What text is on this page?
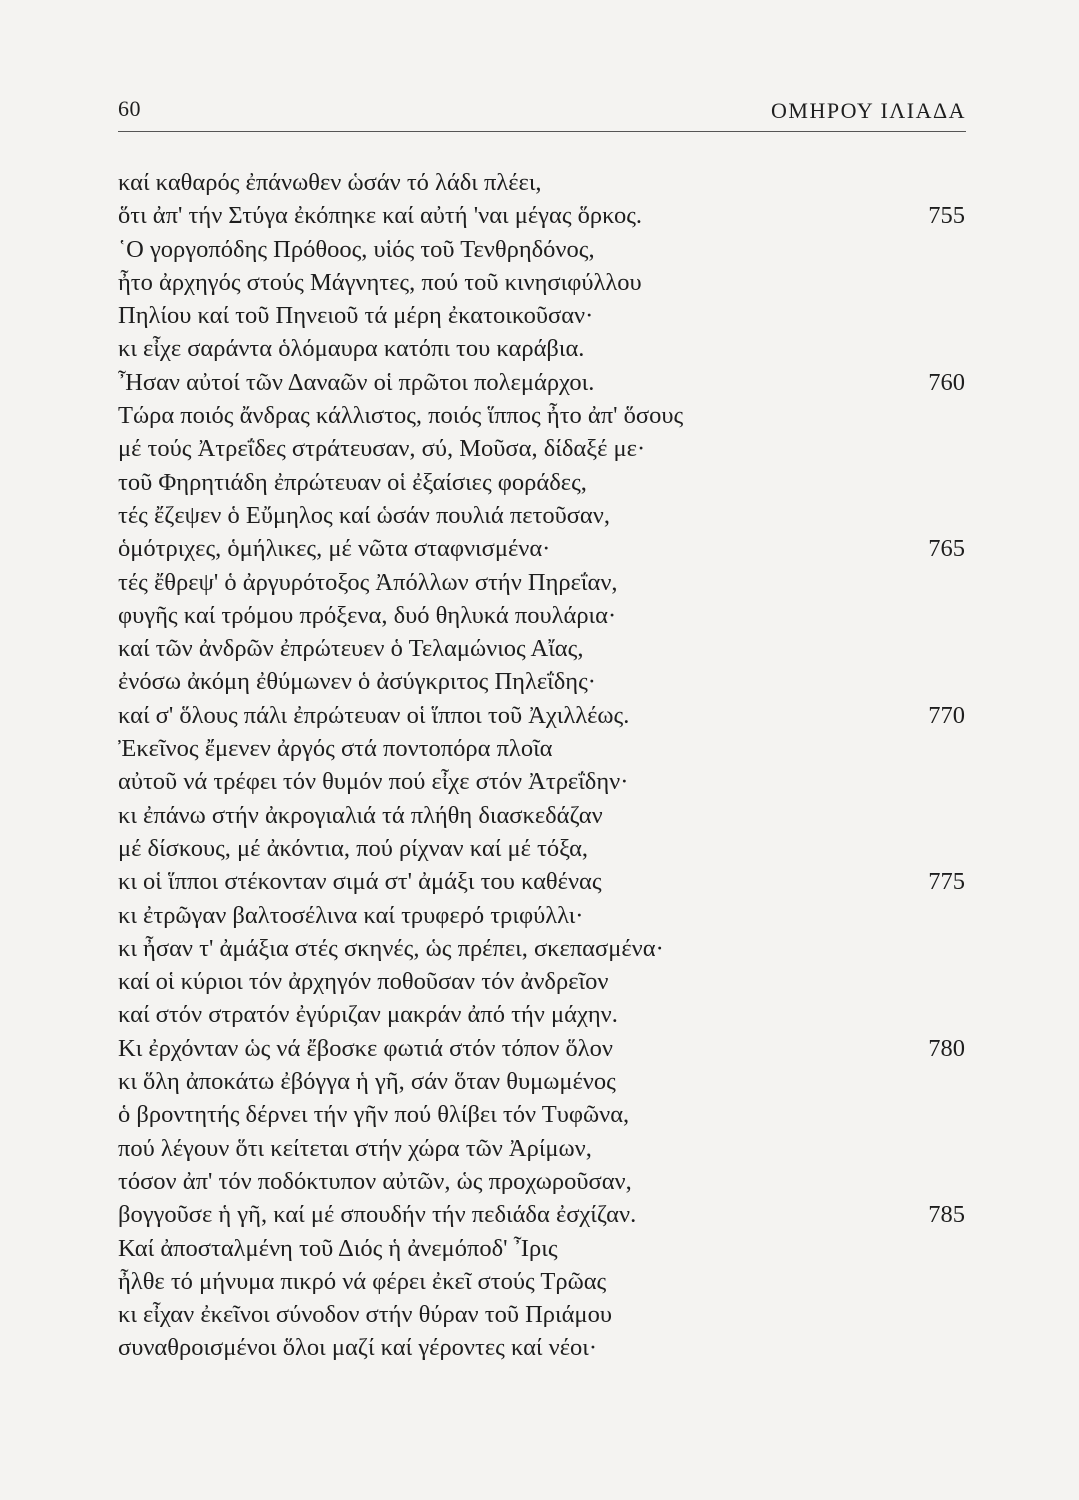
60	ΟΜΗΡΟΥ ΙΛΙΑΔΑ
καί καθαρός ἐπάνωθεν ὡσάν τό λάδι πλέει,
ὅτι ἀπ' τήν Στύγα ἐκόπηκε καί αὐτή 'ναι μέγας ὅρκος.	755
῾Ο γοργοπόδης Πρόθοος, υἱός τοῦ Τενθρηδόνος,
ἦτο ἀρχηγός στούς Μάγνητες, πού τοῦ κινησιφύλλου
Πηλίου καί τοῦ Πηνειοῦ τά μέρη ἐκατοικοῦσαν·
κι εἶχε σαράντα ὁλόμαυρα κατόπι του καράβια.
Ἦσαν αὐτοί τῶν Δαναῶν οἱ πρῶτοι πολεμάρχοι.	760
Τώρα ποιός ἄνδρας κάλλιστος, ποιός ἵππος ἦτο ἀπ' ὅσους
μέ τούς Ἀτρεΐδες στράτευσαν, σύ, Μοῦσα, δίδαξέ με·
τοῦ Φηρητιάδη ἐπρώτευαν οἱ ἐξαίσιες φοράδες,
τές ἔζεψεν ὁ Εὔμηλος καί ὡσάν πουλιά πετοῦσαν,
ὁμότριχες, ὁμήλικες, μέ νῶτα σταφνισμένα·	765
τές ἔθρεψ' ὁ ἀργυρότοξος Ἀπόλλων στήν Πηρεΐαν,
φυγῆς καί τρόμου πρόξενα, δυό θηλυκά πουλάρια·
καί τῶν ἀνδρῶν ἐπρώτευεν ὁ Τελαμώνιος Αἴας,
ἐνόσω ἀκόμη ἐθύμωνεν ὁ ἀσύγκριτος Πηλεΐδης·
καί σ' ὅλους πάλι ἐπρώτευαν οἱ ἵπποι τοῦ Ἀχιλλέως.	770
Ἐκεῖνος ἔμενεν ἀργός στά ποντοπόρα πλοῖα
αὐτοῦ νά τρέφει τόν θυμόν πού εἶχε στόν Ἀτρεΐδην·
κι ἐπάνω στήν ἀκρογιαλιά τά πλήθη διασκεδάζαν
μέ δίσκους, μέ ἀκόντια, πού ρίχναν καί μέ τόξα,
κι οἱ ἵπποι στέκονταν σιμά στ' ἀμάξι του καθένας	775
κι ἐτρῶγαν βαλτοσέλινα καί τρυφερό τριφύλλι·
κι ἦσαν τ' ἀμάξια στές σκηνές, ὡς πρέπει, σκεπασμένα·
καί οἱ κύριοι τόν ἀρχηγόν ποθοῦσαν τόν ἀνδρεῖον
καί στόν στρατόν ἐγύριζαν μακράν ἀπό τήν μάχην.
Κι ἐρχόνταν ὡς νά ἔβοσκε φωτιά στόν τόπον ὅλον	780
κι ὅλη ἀποκάτω ἐβόγγα ἡ γῆ, σάν ὅταν θυμωμένος
ὁ βροντητής δέρνει τήν γῆν πού θλίβει τόν Τυφῶνα,
πού λέγουν ὅτι κείτεται στήν χώρα τῶν Ἀρίμων,
τόσον ἀπ' τόν ποδόκτυπον αὐτῶν, ὡς προχωροῦσαν,
βογγοῦσε ἡ γῆ, καί μέ σπουδήν τήν πεδιάδα ἐσχίζαν.	785
Καί ἀποσταλμένη τοῦ Διός ἡ ἀνεμόποδ' Ἶρις
ἦλθε τό μήνυμα πικρό νά φέρει ἐκεῖ στούς Τρῶας
κι εἶχαν ἐκεῖνοι σύνοδον στήν θύραν τοῦ Πριάμου
συναθροισμένοι ὅλοι μαζί καί γέροντες καί νέοι·
